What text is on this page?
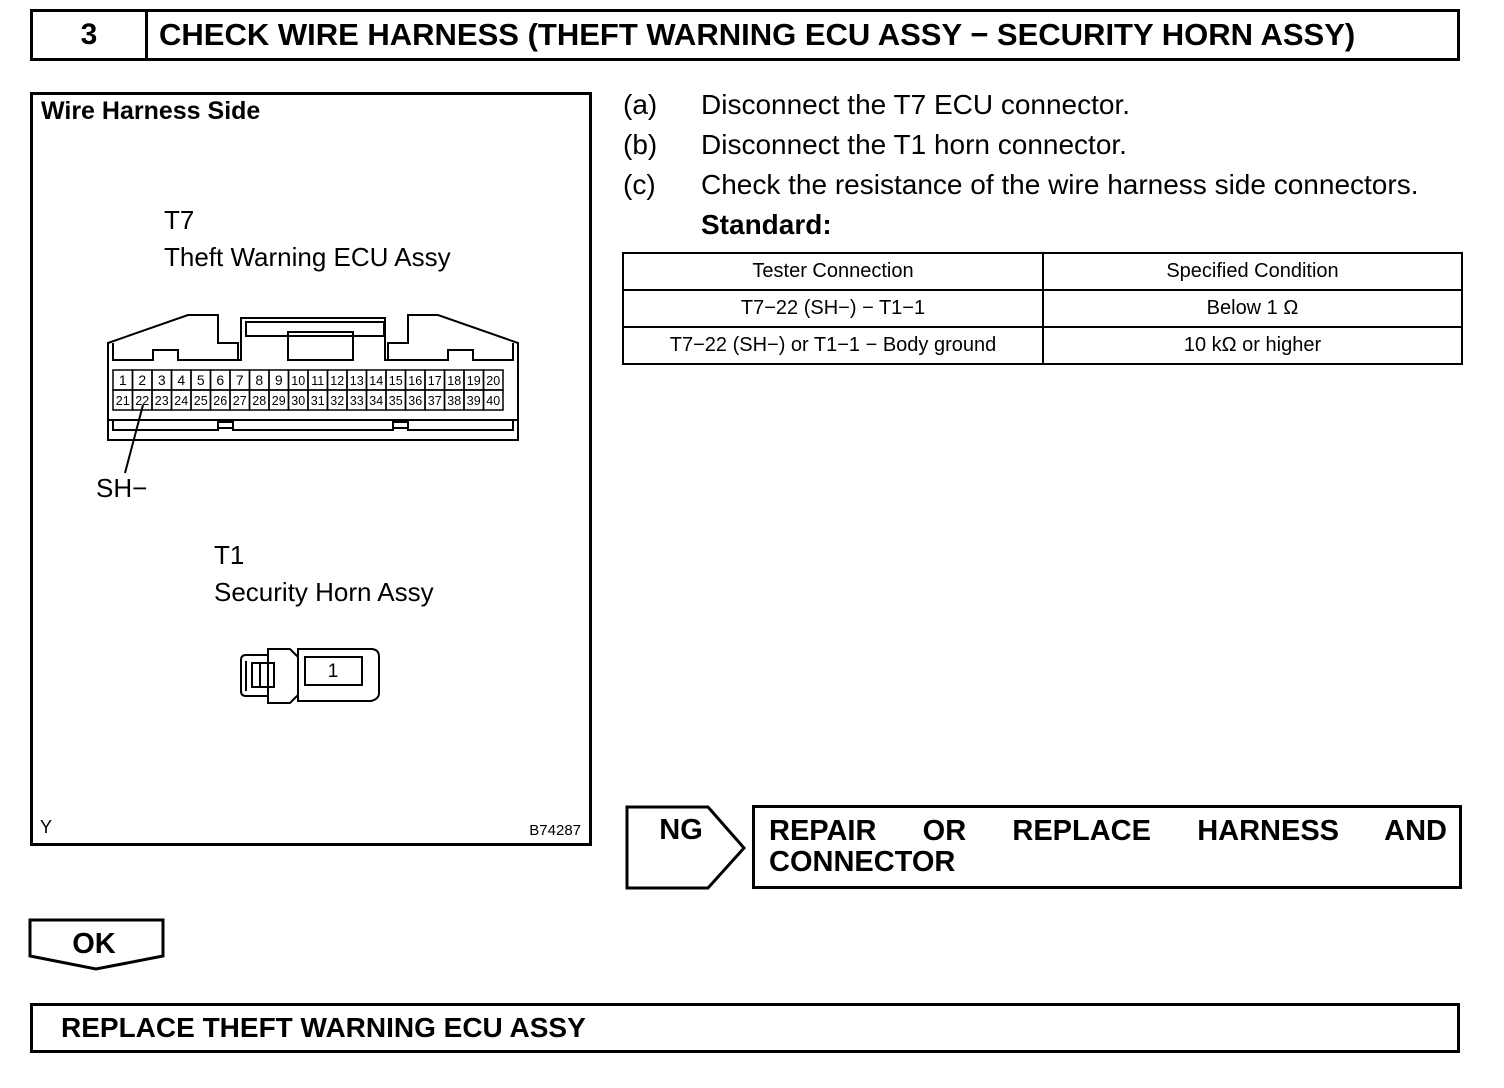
3	CHECK WIRE HARNESS (THEFT WARNING ECU ASSY − SECURITY HORN ASSY)
Wire Harness Side
T7
Theft Warning ECU Assy
1 2 3 4 5 6 7 8 9 10 11 12 13 14 15 16 17 18 19 20
21 22 23 24 25 26 27 28 29 30 31 32 33 34 35 36 37 38 39 40
SH−
T1
Security Horn Assy
1
Y	B74287
(a) Disconnect the T7 ECU connector.
(b) Disconnect the T1 horn connector.
(c) Check the resistance of the wire harness side connectors.
Standard:
Tester Connection	Specified Condition
T7−22 (SH−) − T1−1	Below 1 Ω
T7−22 (SH−) or T1−1 − Body ground	10 kΩ or higher
NG REPAIR OR REPLACE HARNESS AND
CONNECTOR
OK
REPLACE THEFT WARNING ECU ASSY
